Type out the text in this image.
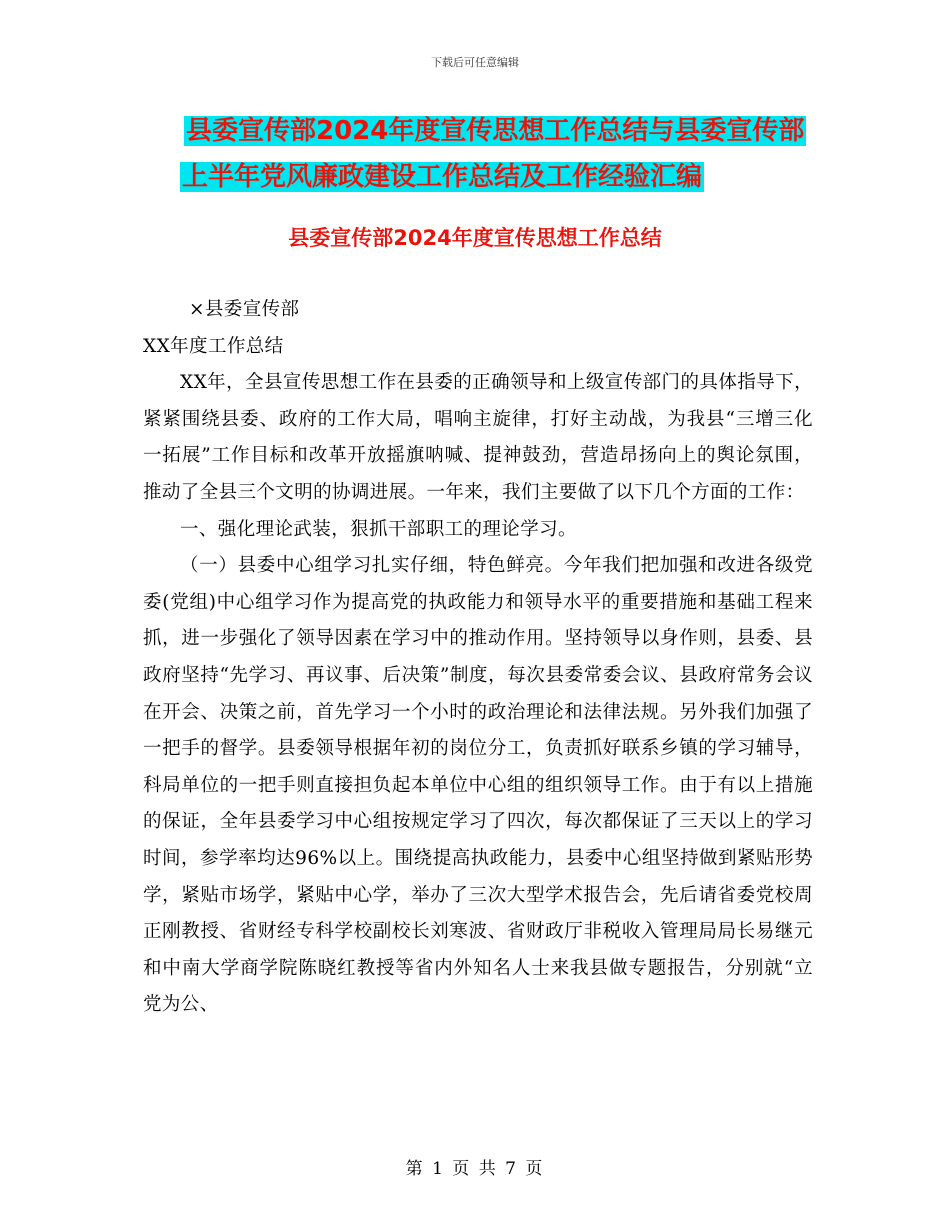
下载后可任意编辑
县委宣传部2024年度宣传思想工作总结与县委宣传部
上半年党风廉政建设工作总结及工作经验汇编
县委宣传部2024年度宣传思想工作总结

×县委宣传部

XX年度工作总结

XX年，全县宣传思想工作在县委的正确领导和上级宣传部门的具体指导下，紧紧围绕县委、政府的工作大局，唱响主旋律，打好主动战，为我县“三增三化一拓展”工作目标和改革开放摇旗呐喊、提神鼓劲，营造昂扬向上的舆论氛围，推动了全县三个文明的协调进展。一年来，我们主要做了以下几个方面的工作：

一、强化理论武装，狠抓干部职工的理论学习。

（一）县委中心组学习扎实仔细，特色鲜亮。今年我们把加强和改进各级党委(党组)中心组学习作为提高党的执政能力和领导水平的重要措施和基础工程来抓，进一步强化了领导因素在学习中的推动作用。坚持领导以身作则，县委、县政府坚持“先学习、再议事、后决策”制度，每次县委常委会议、县政府常务会议在开会、决策之前，首先学习一个小时的政治理论和法律法规。另外我们加强了一把手的督学。县委领导根据年初的岗位分工，负责抓好联系乡镇的学习辅导，科局单位的一把手则直接担负起本单位中心组的组织领导工作。由于有以上措施的保证，全年县委学习中心组按规定学习了四次，每次都保证了三天以上的学习时间，参学率均达96%以上。围绕提高执政能力，县委中心组坚持做到紧贴形势学，紧贴市场学，紧贴中心学，举办了三次大型学术报告会，先后请省委党校周正刚教授、省财经专科学校副校长刘寒波、省财政厅非税收入管理局局长易继元和中南大学商学院陈晓红教授等省内外知名人士来我县做专题报告，分别就“立党为公、

第 1 页 共 7 页
